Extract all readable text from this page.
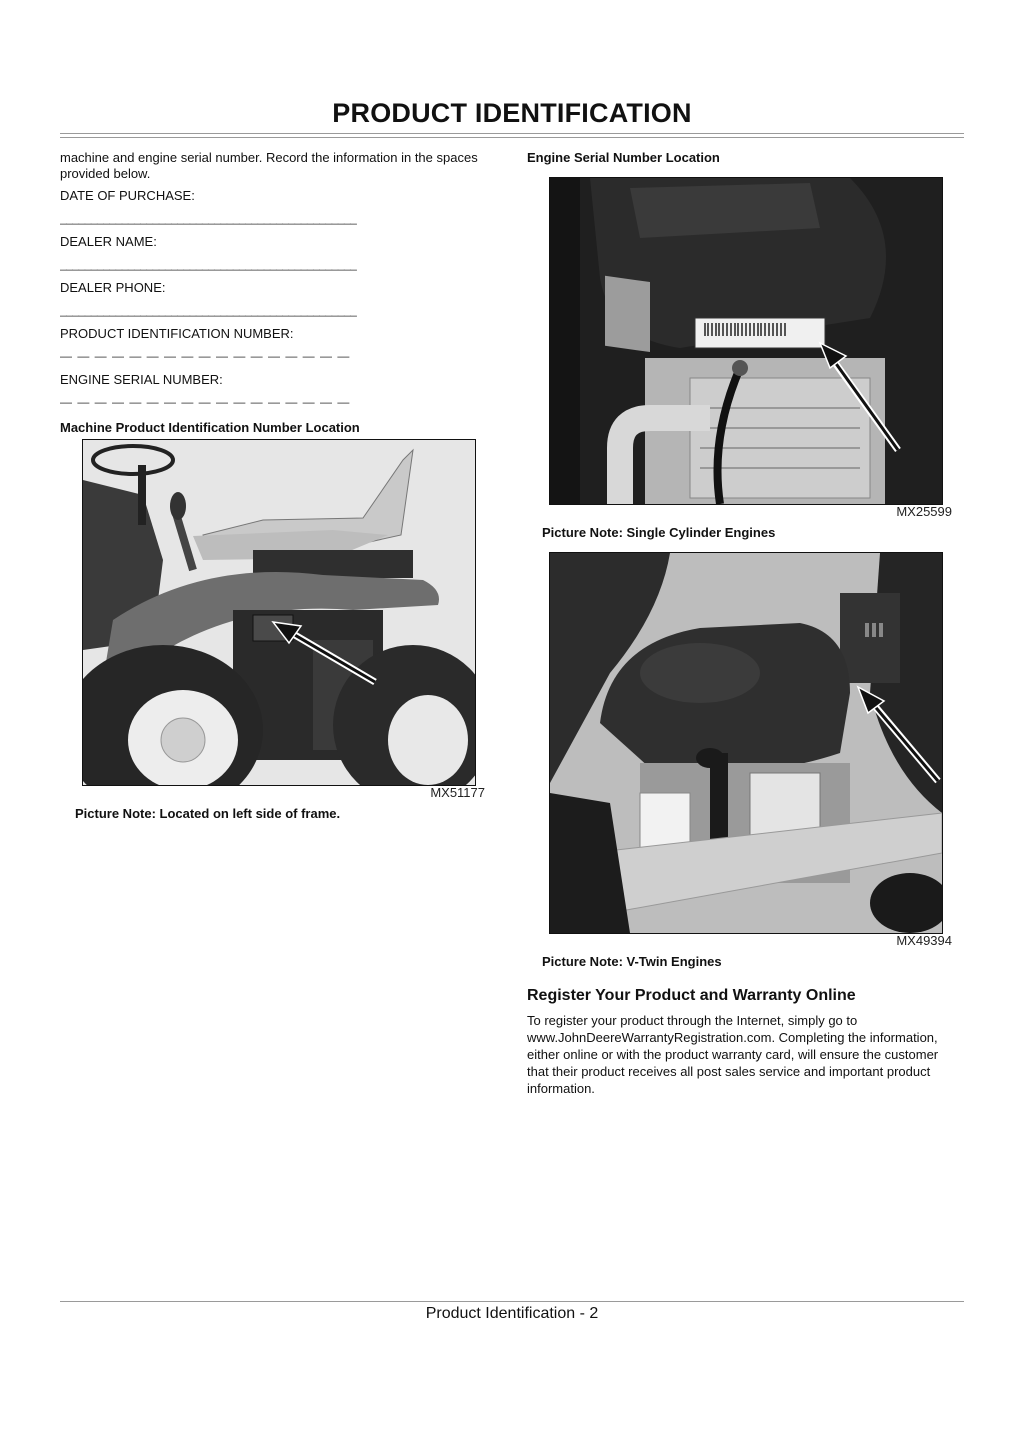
PRODUCT IDENTIFICATION

machine and engine serial number. Record the information in the spaces provided below.

DATE OF PURCHASE:

________________________________________________

DEALER NAME:

________________________________________________

DEALER PHONE:

________________________________________________

PRODUCT IDENTIFICATION NUMBER:

— — — — — — — — — — — — — — — — —

ENGINE SERIAL NUMBER:

— — — — — — — — — — — — — — — — —

Machine Product Identification Number Location

MX51177
Picture Note: Located on left side of frame.

Engine Serial Number Location

MX25599
Picture Note: Single Cylinder Engines
MX49394
Picture Note: V-Twin Engines
Register Your Product and Warranty Online

To register your product through the Internet, simply go to www.JohnDeereWarrantyRegistration.com. Completing the information, either online or with the product warranty card, will ensure the customer that their product receives all post sales service and important product information.

Product Identification - 2
